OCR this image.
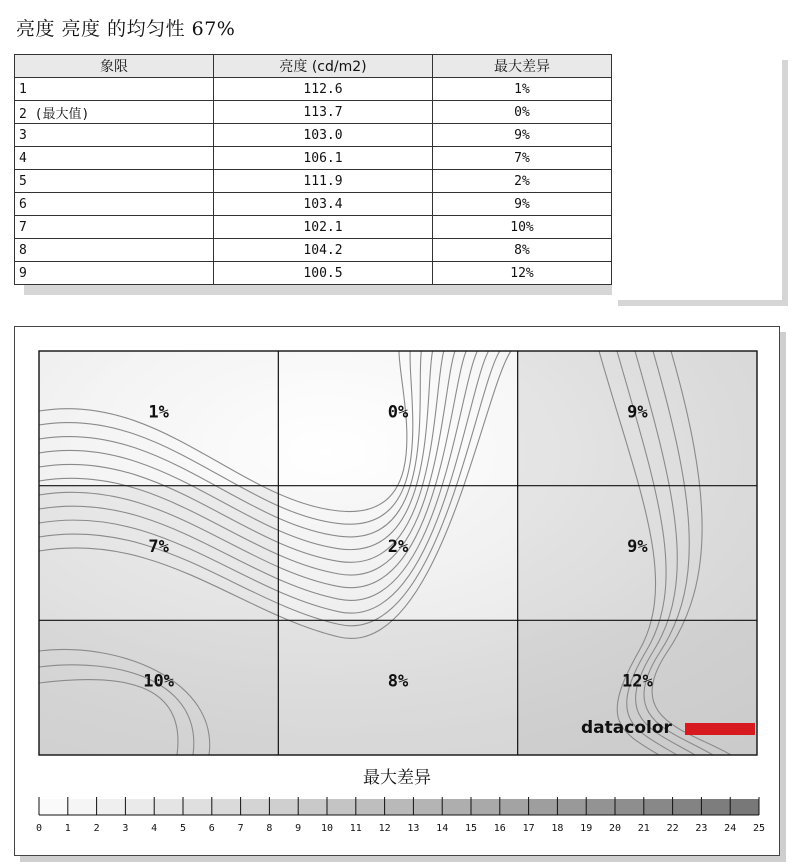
亮度 亮度 的均匀性 67%
象限	亮度 (cd/m2)	最大差异
1	112.6	1%
2 (最大值)	113.7	0%
3	103.0	9%
4	106.1	7%
5	111.9	2%
6	103.4	9%
7	102.1	10%
8	104.2	8%
9	100.5	12%
1%	0%	9%
7%	2%	9%
10%	8%	12%
datacolor
最大差异
0 1 2 3 4 5 6 7 8 9 10 11 12 13 14 15 16 17 18 19 20 21 22 23 24 25
